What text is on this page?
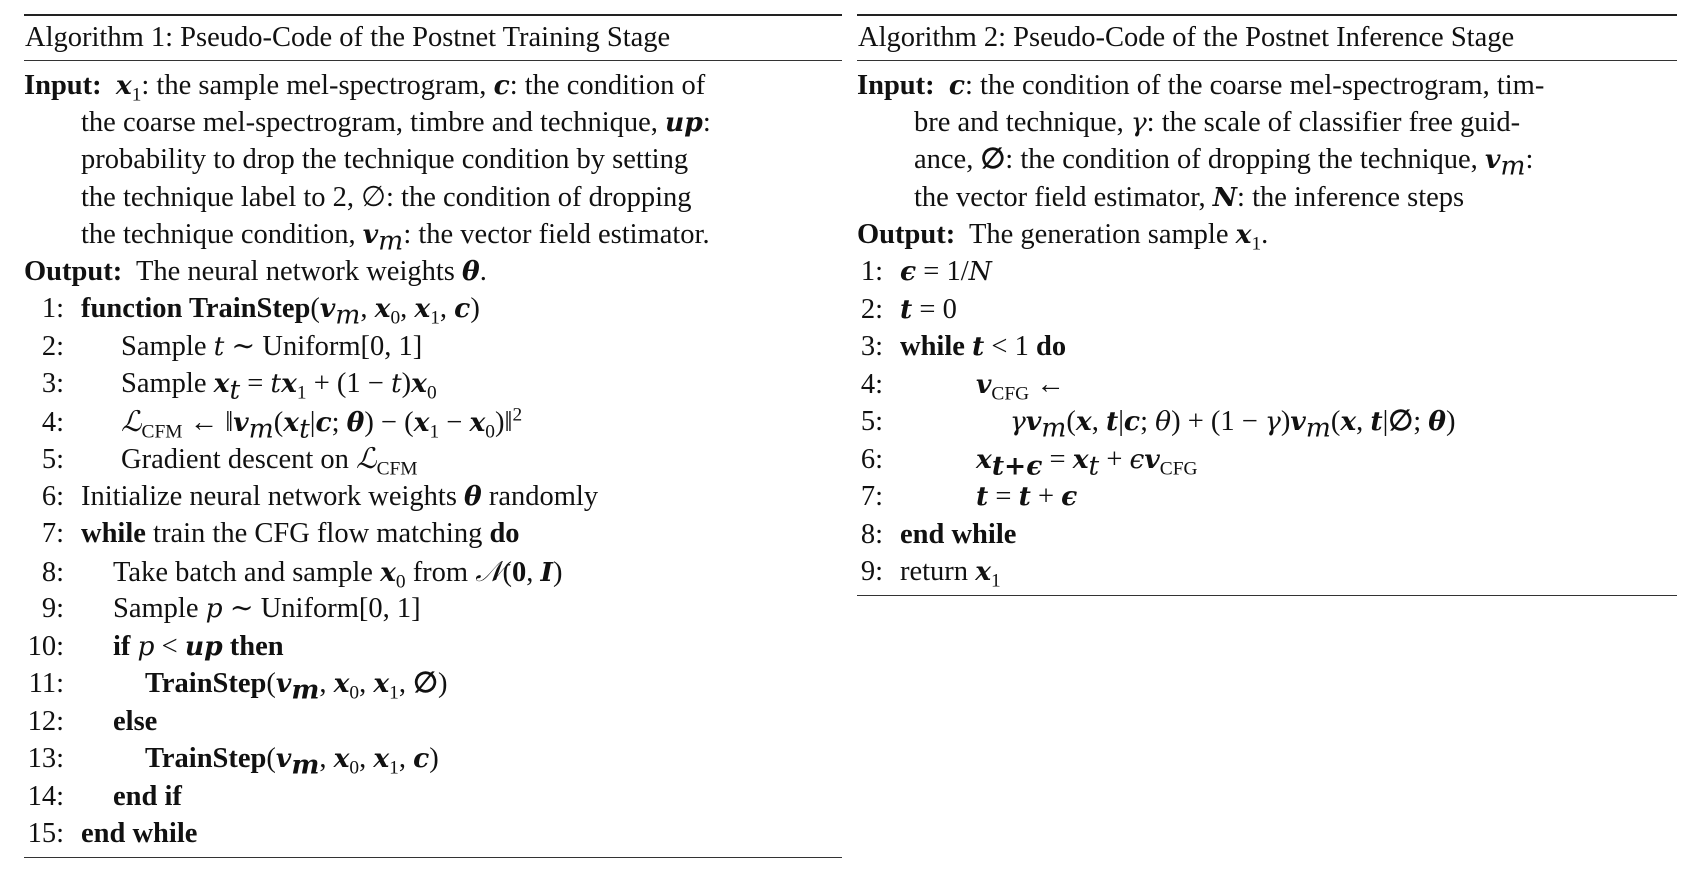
Algorithm 1: Pseudo-Code of the Postnet Training Stage
Input: $x_1$: the sample mel-spectrogram, c: the condition of
the coarse mel-spectrogram, timbre and technique, up:
probability to drop the technique condition by setting
the technique label to 2, ∅: the condition of dropping
the technique condition, $v_m$: the vector field estimator.
Output:  The neural network weights θ.
1: function $TrainStep(v_m$, $x_0$, $x_1$, c)
2: Sample t ∼ Uniform[0, 1]
3: Sample $x_t = tx_1 + (1 - t)x_0$
4: ℒ$_{CFM}$ ← $‖v_m(x_t|c$; $\theta) - (x_1$ − $x_0)‖^2$
5: Gradient descent on ℒ$_{CFM}$
6: Initialize neural network weights θ randomly
7: while train the CFG flow matching do
8: Take batch and sample $x_0$ from 𝒩(0, I)
9: Sample p ∼ Uniform[0, 1]
10: if p < up then
11:	$TrainStep(v_m$, $x_0$, $x_1$, ∅)
12: else
13:	$TrainStep(v_m$, $x_0$, $x_1$, c)
14: end if
15: end while
Algorithm 2: Pseudo-Code of the Postnet Inference Stage
Input: c: the condition of the coarse mel-spectrogram, tim-
bre and technique, γ: the scale of classifier free guid-
ance, ∅: the condition of dropping the technique, $v_m$:
the vector field estimator, N: the inference steps
Output:  The generation sample $x_1$.
1: ϵ = 1/N
2: t = 0
3: while t < 1 do
4:	$v_{CFG}$ ←
5:	$\gamma v_m(x$, t|c; $\theta) + (1 - \gamma)v_m(x$, t|∅; θ)
6:	$x_{t+\epsilon} = x_t + \epsilon v_{CFG}$
7:	t = t + ϵ
8: end while
9: return $x_1$
